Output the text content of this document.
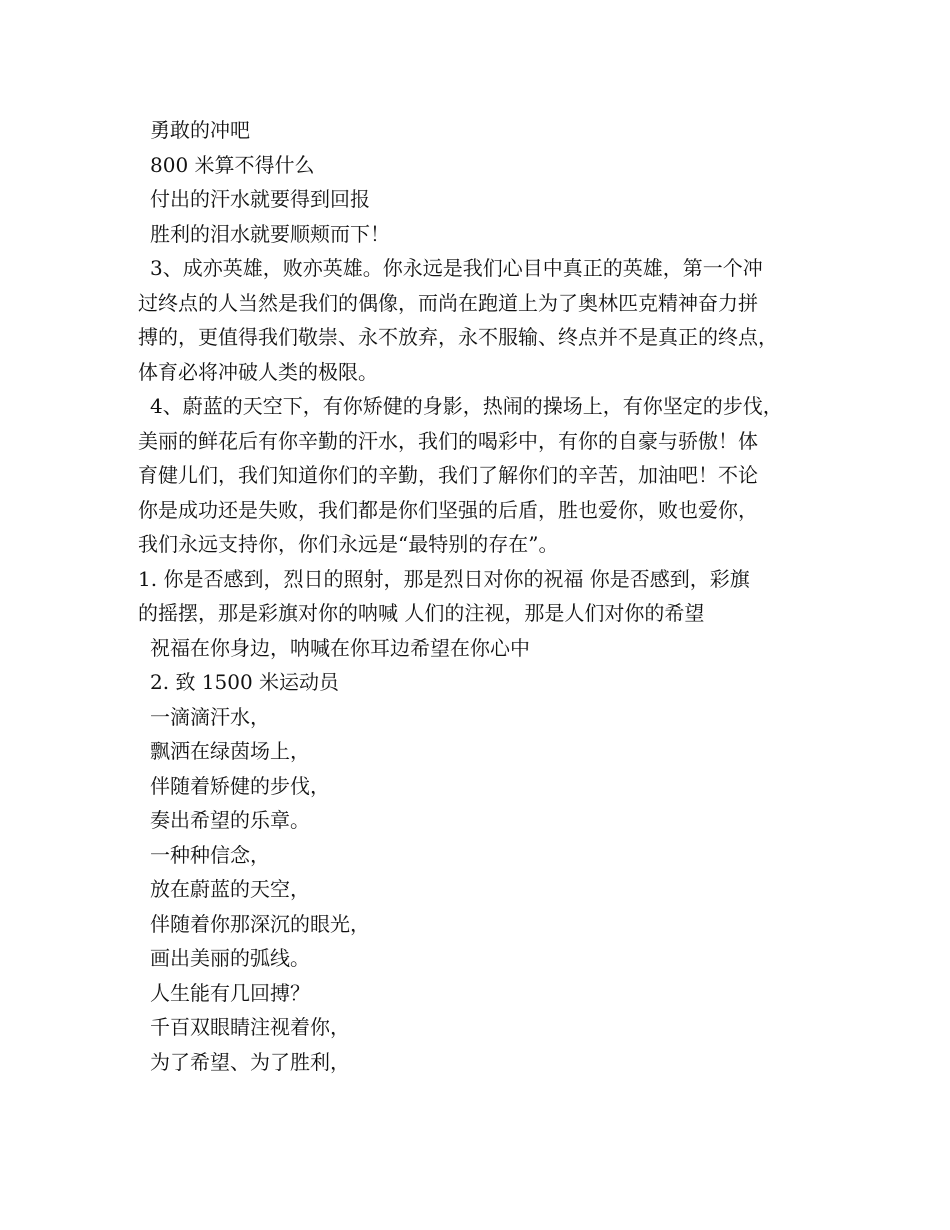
勇敢的冲吧
800 米算不得什么
付出的汗水就要得到回报
胜利的泪水就要顺颊而下！
3、成亦英雄，败亦英雄。你永远是我们心目中真正的英雄，第一个冲
过终点的人当然是我们的偶像，而尚在跑道上为了奥林匹克精神奋力拼
搏的，更值得我们敬崇、永不放弃，永不服输、终点并不是真正的终点，
体育必将冲破人类的极限。
4、蔚蓝的天空下，有你矫健的身影，热闹的操场上，有你坚定的步伐，
美丽的鲜花后有你辛勤的汗水，我们的喝彩中，有你的自豪与骄傲！体
育健儿们，我们知道你们的辛勤，我们了解你们的辛苦，加油吧！不论
你是成功还是失败，我们都是你们坚强的后盾，胜也爱你，败也爱你，
我们永远支持你，你们永远是“最特别的存在”。
1. 你是否感到，烈日的照射，那是烈日对你的祝福 你是否感到，彩旗
的摇摆，那是彩旗对你的呐喊 人们的注视，那是人们对你的希望
祝福在你身边，呐喊在你耳边希望在你心中
2. 致 1500 米运动员
一滴滴汗水，
飘洒在绿茵场上，
伴随着矫健的步伐，
奏出希望的乐章。
一种种信念，
放在蔚蓝的天空，
伴随着你那深沉的眼光，
画出美丽的弧线。
人生能有几回搏？
千百双眼睛注视着你，
为了希望、为了胜利，
